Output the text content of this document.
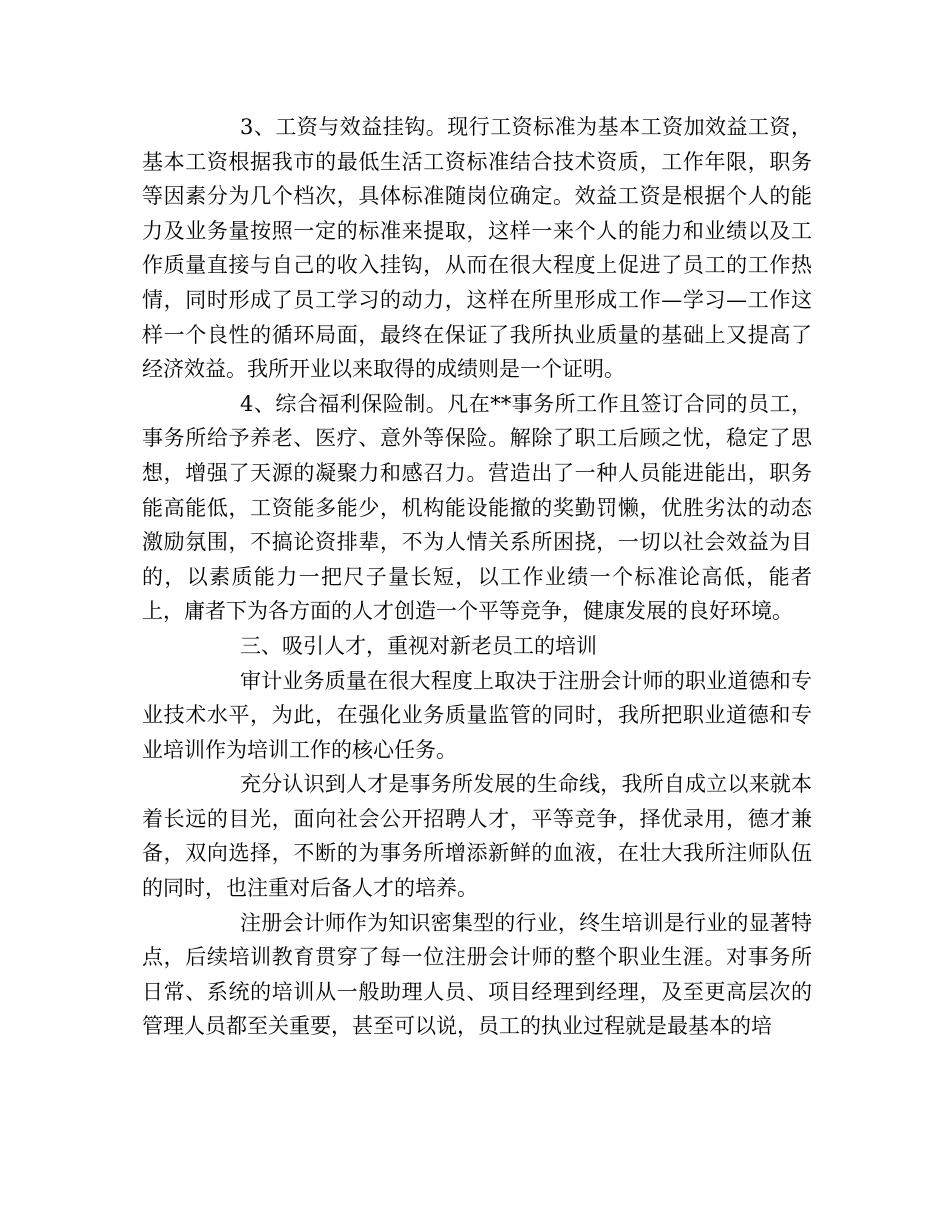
3、工资与效益挂钩。现行工资标准为基本工资加效益工资，基本工资根据我市的最低生活工资标准结合技术资质，工作年限，职务等因素分为几个档次，具体标准随岗位确定。效益工资是根据个人的能力及业务量按照一定的标准来提取，这样一来个人的能力和业绩以及工作质量直接与自己的收入挂钩，从而在很大程度上促进了员工的工作热情，同时形成了员工学习的动力，这样在所里形成工作—学习—工作这样一个良性的循环局面，最终在保证了我所执业质量的基础上又提高了经济效益。我所开业以来取得的成绩则是一个证明。

4、综合福利保险制。凡在**事务所工作且签订合同的员工，事务所给予养老、医疗、意外等保险。解除了职工后顾之忧，稳定了思想，增强了天源的凝聚力和感召力。营造出了一种人员能进能出，职务能高能低，工资能多能少，机构能设能撤的奖勤罚懒，优胜劣汰的动态激励氛围，不搞论资排辈，不为人情关系所困挠，一切以社会效益为目的，以素质能力一把尺子量长短，以工作业绩一个标准论高低，能者上，庸者下为各方面的人才创造一个平等竞争，健康发展的良好环境。

三、吸引人才，重视对新老员工的培训

审计业务质量在很大程度上取决于注册会计师的职业道德和专业技术水平，为此，在强化业务质量监管的同时，我所把职业道德和专业培训作为培训工作的核心任务。

充分认识到人才是事务所发展的生命线，我所自成立以来就本着长远的目光，面向社会公开招聘人才，平等竞争，择优录用，德才兼备，双向选择，不断的为事务所增添新鲜的血液，在壮大我所注师队伍的同时，也注重对后备人才的培养。

注册会计师作为知识密集型的行业，终生培训是行业的显著特点，后续培训教育贯穿了每一位注册会计师的整个职业生涯。对事务所日常、系统的培训从一般助理人员、项目经理到经理，及至更高层次的管理人员都至关重要，甚至可以说，员工的执业过程就是最基本的培
